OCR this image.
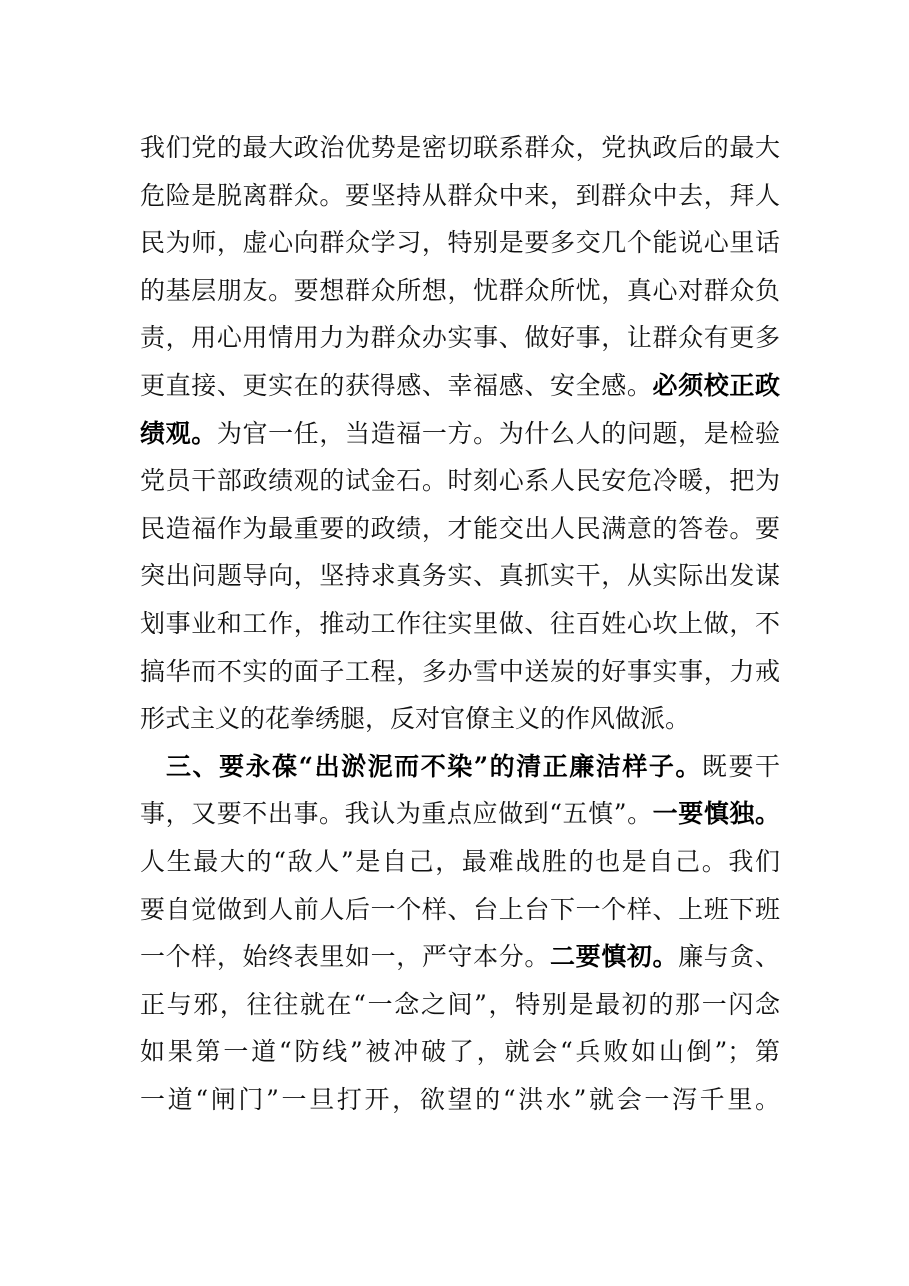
我们党的最大政治优势是密切联系群众，党执政后的最大
危险是脱离群众。要坚持从群众中来，到群众中去，拜人
民为师，虚心向群众学习，特别是要多交几个能说心里话
的基层朋友。要想群众所想，忧群众所忧，真心对群众负
责，用心用情用力为群众办实事、做好事，让群众有更多
更直接、更实在的获得感、幸福感、安全感。必须校正政
绩观。为官一任，当造福一方。为什么人的问题，是检验
党员干部政绩观的试金石。时刻心系人民安危冷暖，把为
民造福作为最重要的政绩，才能交出人民满意的答卷。要
突出问题导向，坚持求真务实、真抓实干，从实际出发谋
划事业和工作，推动工作往实里做、往百姓心坎上做，不
搞华而不实的面子工程，多办雪中送炭的好事实事，力戒
形式主义的花拳绣腿，反对官僚主义的作风做派。
三、要永葆“出淤泥而不染”的清正廉洁样子。既要干
事，又要不出事。我认为重点应做到“五慎”。一要慎独。
人生最大的“敌人”是自己，最难战胜的也是自己。我们
要自觉做到人前人后一个样、台上台下一个样、上班下班
一个样，始终表里如一，严守本分。二要慎初。廉与贪、
正与邪，往往就在“一念之间”，特别是最初的那一闪念
如果第一道“防线”被冲破了，就会“兵败如山倒”；第
一道“闸门”一旦打开，欲望的“洪水”就会一泻千里。
